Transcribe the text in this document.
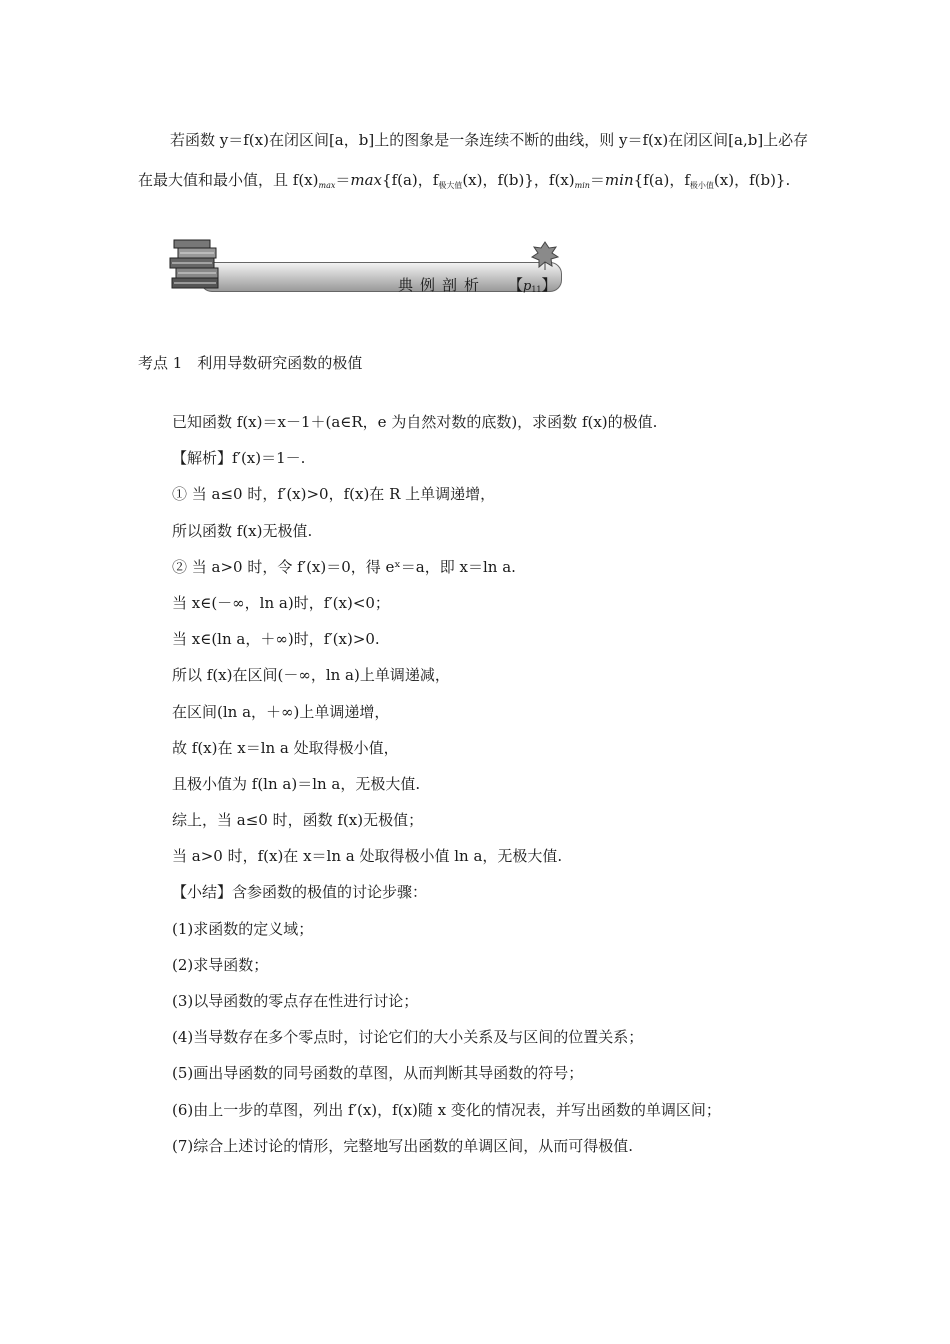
若函数 y＝f(x)在闭区间[a，b]上的图象是一条连续不断的曲线，则 y＝f(x)在闭区间[a,b]上必存在最大值和最小值，且 $f(x)_{max}=\max\{f(a)$，$f_{极大值}(x)$，f(b)}，$f(x)_{min}=\min\{f(a)$，$f_{极小值}(x)$，f(b)}.
典例剖析 【p11】
考点 1　利用导数研究函数的极值
已知函数 f(x)＝x－1＋(a∈R，e 为自然对数的底数)，求函数 f(x)的极值.
【解析】f′(x)＝1－.
① 当 a≤0 时，f′(x)>0，f(x)在 R 上单调递增，
所以函数 f(x)无极值.
② 当 a>0 时，令 f′(x)＝0，得 eˣ＝a，即 x＝ln a.
当 x∈(－∞，ln a)时，f′(x)<0；
当 x∈(ln a，＋∞)时，f′(x)>0.
所以 f(x)在区间(－∞，ln a)上单调递减，
在区间(ln a，＋∞)上单调递增，
故 f(x)在 x＝ln a 处取得极小值，
且极小值为 f(ln a)＝ln a，无极大值.
综上，当 a≤0 时，函数 f(x)无极值；
当 a>0 时，f(x)在 x＝ln a 处取得极小值 ln a，无极大值.
【小结】含参函数的极值的讨论步骤：
(1)求函数的定义域；
(2)求导函数；
(3)以导函数的零点存在性进行讨论；
(4)当导数存在多个零点时，讨论它们的大小关系及与区间的位置关系；
(5)画出导函数的同号函数的草图，从而判断其导函数的符号；
(6)由上一步的草图，列出 f′(x)，f(x)随 x 变化的情况表，并写出函数的单调区间；
(7)综合上述讨论的情形，完整地写出函数的单调区间，从而可得极值.
